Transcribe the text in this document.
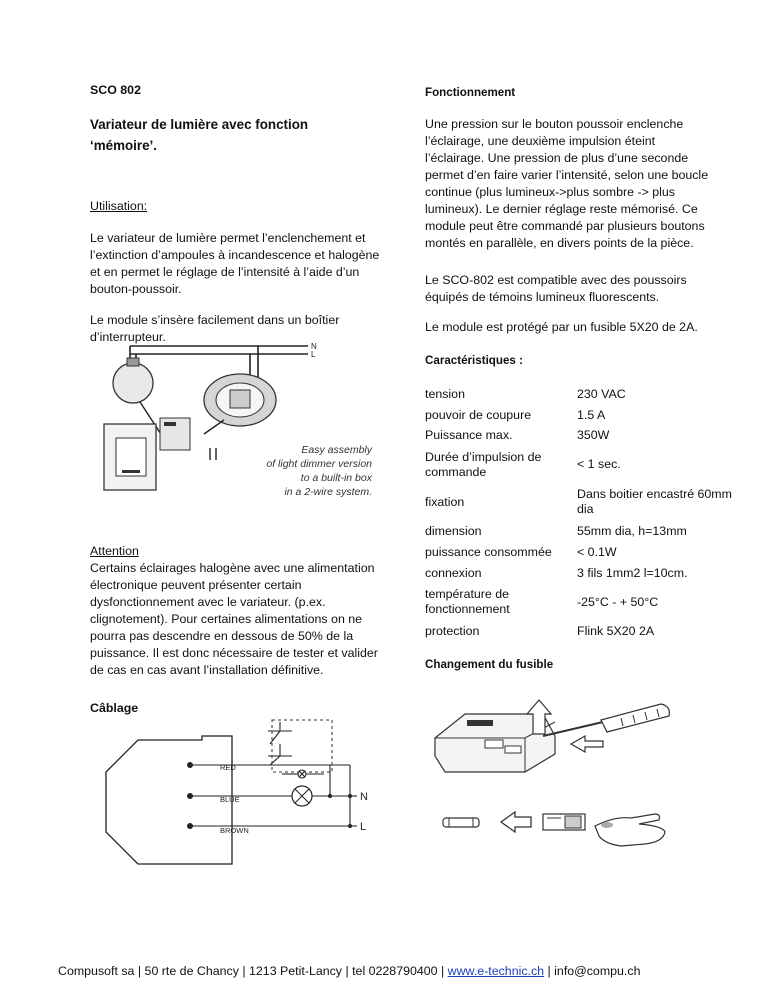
SCO 802
Variateur de lumière avec fonction ‘mémoire’.
Utilisation:
Le variateur de lumière permet l’enclenchement et l’extinction d’ampoules à incandescence et halogène et en permet le réglage de l’intensité à l’aide d’un bouton-poussoir.
Le module s’insère facilement dans un boîtier d’interrupteur.
N
L
Easy assembly
of light dimmer version
to a built-in box
in a 2-wire system.
Attention
Certains éclairages halogène avec une alimentation électronique peuvent présenter certain dysfonctionnement avec le variateur. (p.ex. clignotement). Pour certaines alimentations on ne pourra pas descendre en dessous de 50% de la puissance. Il est donc nécessaire de tester et valider de cas en cas avant l’installation définitive.
Câblage
RED
BLUE
BROWN
N
L
Fonctionnement
Une pression sur le bouton poussoir enclenche l’éclairage, une deuxième impulsion éteint l’éclairage. Une pression de plus d’une seconde permet d’en faire varier l’intensité, selon une boucle continue (plus lumineux->plus sombre -> plus lumineux). Le dernier réglage reste mémorisé. Ce module peut être commandé par plusieurs boutons montés en parallèle, en divers points de la pièce.
Le SCO-802 est compatible avec des poussoirs équipés de témoins lumineux fluorescents.
Le module est protégé par un fusible 5X20 de 2A.
Caractéristiques :
tension	230 VAC
pouvoir de coupure	1.5 A
Puissance max.	350W
Durée d’impulsion de commande	< 1 sec.
fixation	Dans boitier encastré 60mm dia
dimension	55mm dia, h=13mm
puissance consommée	< 0.1W
connexion	3 fils 1mm2 l=10cm.
température de fonctionnement	-25°C - + 50°C
protection	Flink 5X20 2A
Changement du fusible
Compusoft sa | 50 rte de Chancy | 1213 Petit-Lancy | tel 0228790400 | www.e-technic.ch | info@compu.ch
